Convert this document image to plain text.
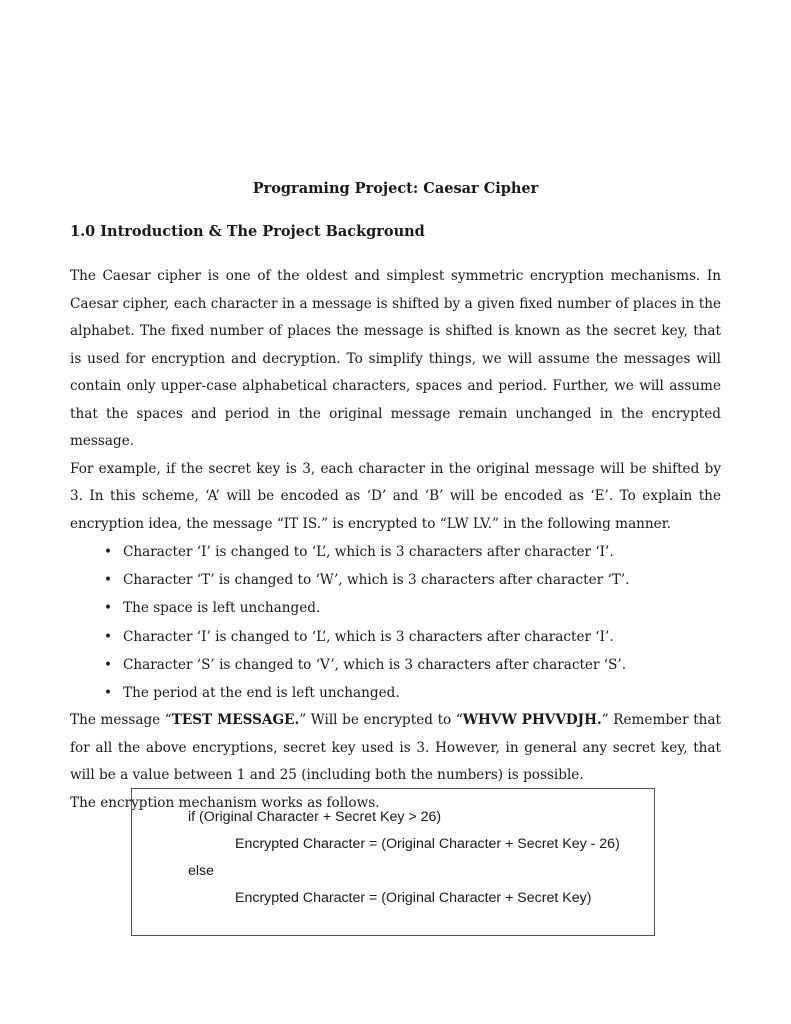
Programing Project: Caesar Cipher
1.0 Introduction & The Project Background

The Caesar cipher is one of the oldest and simplest symmetric encryption mechanisms. In Caesar cipher, each character in a message is shifted by a given fixed number of places in the alphabet. The fixed number of places the message is shifted is known as the secret key, that is used for encryption and decryption. To simplify things, we will assume the messages will contain only upper-case alphabetical characters, spaces and period. Further, we will assume that the spaces and period in the original message remain unchanged in the encrypted message.

For example, if the secret key is 3, each character in the original message will be shifted by 3. In this scheme, ‘A’ will be encoded as ‘D’ and ‘B’ will be encoded as ‘E’. To explain the encryption idea, the message “IT IS.” is encrypted to “LW LV.” in the following manner.

• Character ‘I’ is changed to ‘L’, which is 3 characters after character ‘I’.
• Character ‘T’ is changed to ‘W’, which is 3 characters after character ‘T’.
• The space is left unchanged.
• Character ‘I’ is changed to ‘L’, which is 3 characters after character ‘I’.
• Character ‘S’ is changed to ‘V’, which is 3 characters after character ‘S’.
• The period at the end is left unchanged.

The message “TEST MESSAGE.” Will be encrypted to “WHVW PHVVDJH.” Remember that for all the above encryptions, secret key used is 3. However, in general any secret key, that will be a value between 1 and 25 (including both the numbers) is possible.

The encryption mechanism works as follows.

if (Original Character + Secret Key > 26)
Encrypted Character = (Original Character + Secret Key - 26)
else
Encrypted Character = (Original Character + Secret Key)
